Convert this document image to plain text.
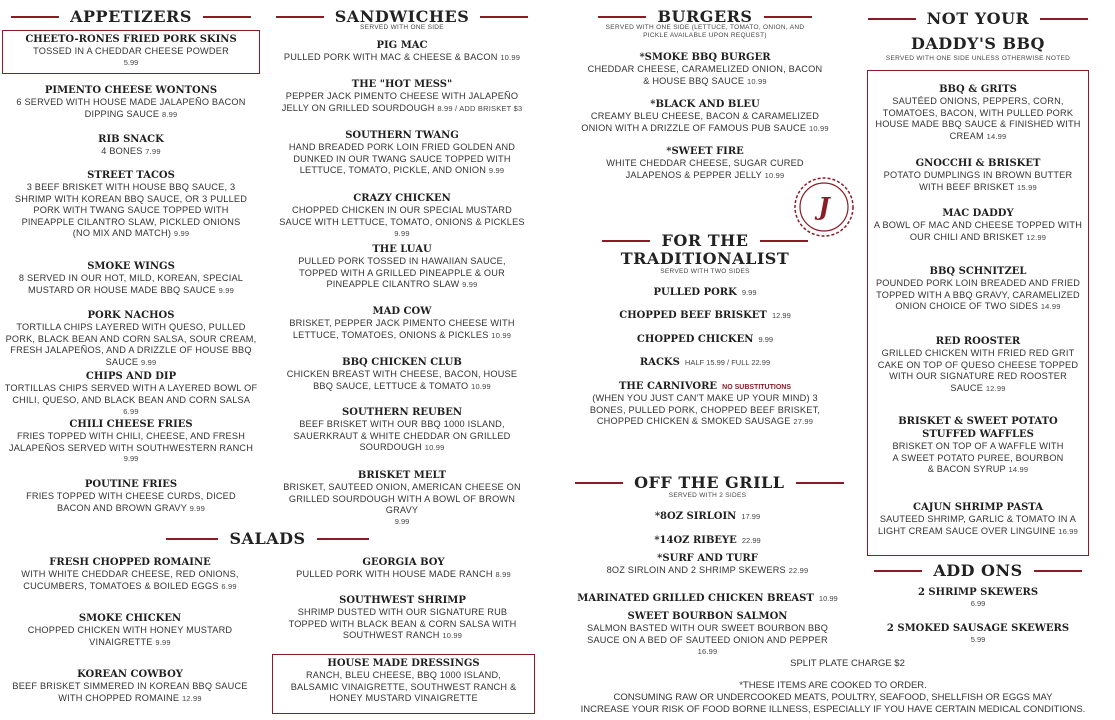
APPETIZERS
CHEETO-RONES FRIED PORK SKINS
TOSSED IN A CHEDDAR CHEESE POWDER
5.99
PIMENTO CHEESE WONTONS
6 SERVED WITH HOUSE MADE JALAPEÑO BACON DIPPING SAUCE 8.99
RIB SNACK
4 BONES 7.99
STREET TACOS
3 BEEF BRISKET WITH HOUSE BBQ SAUCE, 3 SHRIMP WITH KOREAN BBQ SAUCE, OR 3 PULLED PORK WITH TWANG SAUCE TOPPED WITH PINEAPPLE CILANTRO SLAW, PICKLED ONIONS (NO MIX AND MATCH) 9.99
SMOKE WINGS
8 SERVED IN OUR HOT, MILD, KOREAN, SPECIAL MUSTARD OR HOUSE MADE BBQ SAUCE 9.99
PORK NACHOS
TORTILLA CHIPS LAYERED WITH QUESO, PULLED PORK, BLACK BEAN AND CORN SALSA, SOUR CREAM, FRESH JALAPEÑOS, AND A DRIZZLE OF HOUSE BBQ SAUCE 9.99
CHIPS AND DIP
TORTILLAS CHIPS SERVED WITH A LAYERED BOWL OF CHILI, QUESO, AND BLACK BEAN AND CORN SALSA 6.99
CHILI CHEESE FRIES
FRIES TOPPED WITH CHILI, CHEESE, AND FRESH JALAPEÑOS SERVED WITH SOUTHWESTERN RANCH
9.99
POUTINE FRIES
FRIES TOPPED WITH CHEESE CURDS, DICED BACON AND BROWN GRAVY 9.99
SANDWICHES
SERVED WITH ONE SIDE
PIG MAC
PULLED PORK WITH MAC & CHEESE & BACON 10.99
THE "HOT MESS"
PEPPER JACK PIMENTO CHEESE WITH JALAPEÑO JELLY ON GRILLED SOURDOUGH 8.99 / ADD BRISKET $3
SOUTHERN TWANG
HAND BREADED PORK LOIN FRIED GOLDEN AND DUNKED IN OUR TWANG SAUCE TOPPED WITH LETTUCE, TOMATO, PICKLE, AND ONION 9.99
CRAZY CHICKEN
CHOPPED CHICKEN IN OUR SPECIAL MUSTARD SAUCE WITH LETTUCE, TOMATO, ONIONS & PICKLES 9.99
THE LUAU
PULLED PORK TOSSED IN HAWAIIAN SAUCE, TOPPED WITH A GRILLED PINEAPPLE & OUR PINEAPPLE CILANTRO SLAW 9.99
MAD COW
BRISKET, PEPPER JACK PIMENTO CHEESE WITH LETTUCE, TOMATOES, ONIONS & PICKLES 10.99
BBQ CHICKEN CLUB
CHICKEN BREAST WITH CHEESE, BACON, HOUSE BBQ SAUCE, LETTUCE & TOMATO 10.99
SOUTHERN REUBEN
BEEF BRISKET WITH OUR BBQ 1000 ISLAND, SAUERKRAUT & WHITE CHEDDAR ON GRILLED SOURDOUGH 10.99
BRISKET MELT
BRISKET, SAUTEED ONION, AMERICAN CHEESE ON GRILLED SOURDOUGH WITH A BOWL OF BROWN GRAVY
9.99
SALADS
FRESH CHOPPED ROMAINE
WITH WHITE CHEDDAR CHEESE, RED ONIONS, CUCUMBERS, TOMATOES & BOILED EGGS 6.99
SMOKE CHICKEN
CHOPPED CHICKEN WITH HONEY MUSTARD VINAIGRETTE 9.99
KOREAN COWBOY
BEEF BRISKET SIMMERED IN KOREAN BBQ SAUCE WITH CHOPPED ROMAINE 12.99
GEORGIA BOY
PULLED PORK WITH HOUSE MADE RANCH 8.99
SOUTHWEST SHRIMP
SHRIMP DUSTED WITH OUR SIGNATURE RUB TOPPED WITH BLACK BEAN & CORN SALSA WITH SOUTHWEST RANCH 10.99
HOUSE MADE DRESSINGS
RANCH, BLEU CHEESE, BBQ 1000 ISLAND, BALSAMIC VINAIGRETTE, SOUTHWEST RANCH & HONEY MUSTARD VINAIGRETTE
BURGERS
SERVED WITH ONE SIDE (LETTUCE, TOMATO, ONION, AND PICKLE AVAILABLE UPON REQUEST)
*SMOKE BBQ BURGER
CHEDDAR CHEESE, CARAMELIZED ONION, BACON & HOUSE BBQ SAUCE 10.99
*BLACK AND BLEU
CREAMY BLEU CHEESE, BACON & CARAMELIZED ONION WITH A DRIZZLE OF FAMOUS PUB SAUCE 10.99
*SWEET FIRE
WHITE CHEDDAR CHEESE, SUGAR CURED JALAPENOS & PEPPER JELLY 10.99
J
FOR THE
TRADITIONALIST
SERVED WITH TWO SIDES
PULLED PORK 9.99
CHOPPED BEEF BRISKET 12.99
CHOPPED CHICKEN 9.99
RACKS HALF 15.99 / FULL 22.99
THE CARNIVORE NO SUBSTITUTIONS
(WHEN YOU JUST CAN'T MAKE UP YOUR MIND) 3 BONES, PULLED PORK, CHOPPED BEEF BRISKET, CHOPPED CHICKEN & SMOKED SAUSAGE 27.99
OFF THE GRILL
SERVED WITH 2 SIDES
*8OZ SIRLOIN 17.99
*14OZ RIBEYE 22.99
*SURF AND TURF
8OZ SIRLOIN AND 2 SHRIMP SKEWERS 22.99
MARINATED GRILLED CHICKEN BREAST 10.99
SWEET BOURBON SALMON
SALMON BASTED WITH OUR SWEET BOURBON BBQ SAUCE ON A BED OF SAUTEED ONION AND PEPPER 16.99
NOT YOUR
DADDY'S BBQ
SERVED WITH ONE SIDE UNLESS OTHERWISE NOTED
BBQ & GRITS
SAUTÉED ONIONS, PEPPERS, CORN, TOMATOES, BACON, WITH PULLED PORK HOUSE MADE BBQ SAUCE & FINISHED WITH CREAM 14.99
GNOCCHI & BRISKET
POTATO DUMPLINGS IN BROWN BUTTER WITH BEEF BRISKET 15.99
MAC DADDY
A BOWL OF MAC AND CHEESE TOPPED WITH OUR CHILI AND BRISKET 12.99
BBQ SCHNITZEL
POUNDED PORK LOIN BREADED AND FRIED TOPPED WITH A BBQ GRAVY, CARAMELIZED ONION CHOICE OF TWO SIDES 14.99
RED ROOSTER
GRILLED CHICKEN WITH FRIED RED GRIT CAKE ON TOP OF QUESO CHEESE TOPPED WITH OUR SIGNATURE RED ROOSTER SAUCE 12.99
BRISKET & SWEET POTATO STUFFED WAFFLES
BRISKET ON TOP OF A WAFFLE WITH A SWEET POTATO PUREE, BOURBON & BACON SYRUP 14.99
CAJUN SHRIMP PASTA
SAUTEED SHRIMP, GARLIC & TOMATO IN A LIGHT CREAM SAUCE OVER LINGUINE 16.99
ADD ONS
2 SHRIMP SKEWERS
6.99
2 SMOKED SAUSAGE SKEWERS
5.99
SPLIT PLATE CHARGE $2
*THESE ITEMS ARE COOKED TO ORDER.
CONSUMING RAW OR UNDERCOOKED MEATS, POULTRY, SEAFOOD, SHELLFISH OR EGGS MAY
INCREASE YOUR RISK OF FOOD BORNE ILLNESS, ESPECIALLY IF YOU HAVE CERTAIN MEDICAL CONDITIONS.
